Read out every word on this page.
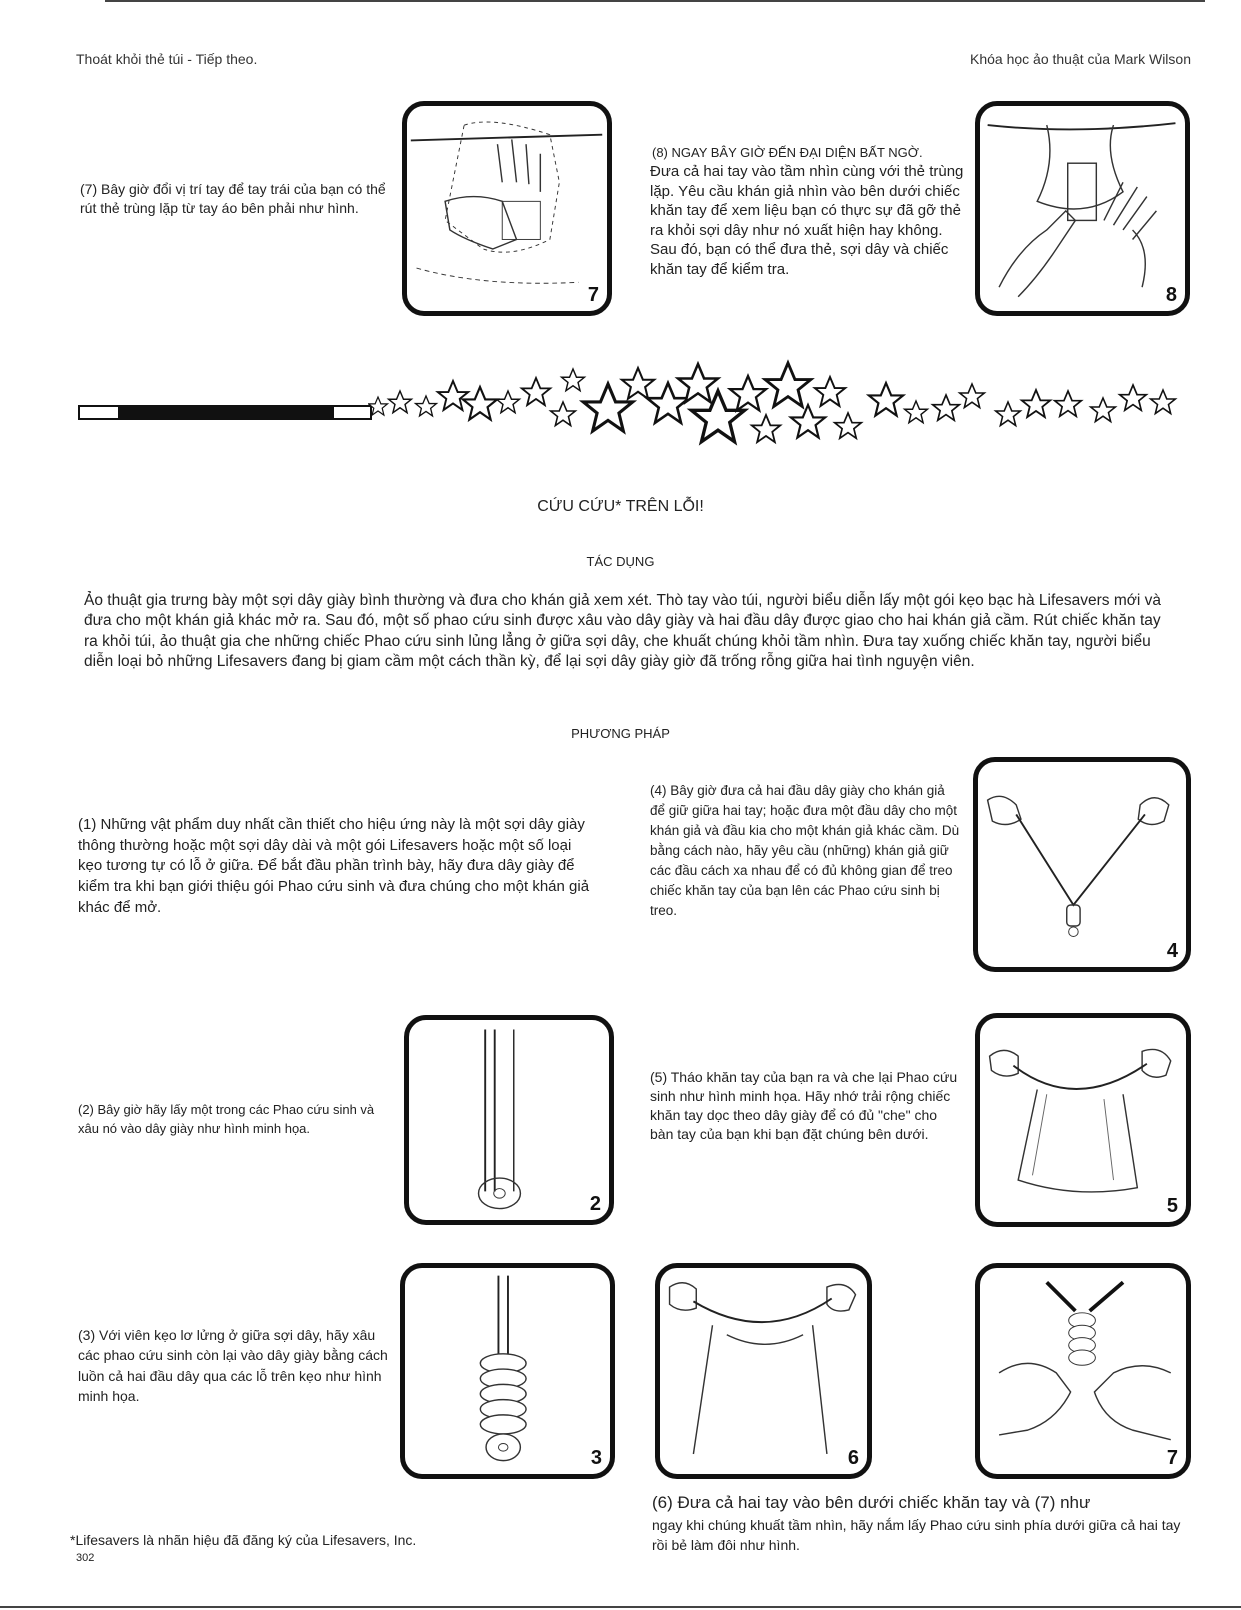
Thoát khỏi thẻ túi - Tiếp theo.	Khóa học ảo thuật của Mark Wilson
(7) Bây giờ đổi vị trí tay để tay trái của bạn có thể rút thẻ trùng lặp từ tay áo bên phải như hình.
7
(8) NGAY BÂY GIỜ ĐẾN ĐẠI DIỆN BẤT NGỜ.
Đưa cả hai tay vào tầm nhìn cùng với thẻ trùng lặp. Yêu cầu khán giả nhìn vào bên dưới chiếc khăn tay để xem liệu bạn có thực sự đã gỡ thẻ ra khỏi sợi dây như nó xuất hiện hay không. Sau đó, bạn có thể đưa thẻ, sợi dây và chiếc khăn tay để kiểm tra.
8
CỨU CỨU* TRÊN LỖI!
TÁC DỤNG
Ảo thuật gia trưng bày một sợi dây giày bình thường và đưa cho khán giả xem xét. Thò tay vào túi, người biểu diễn lấy một gói kẹo bạc hà Lifesavers mới và đưa cho một khán giả khác mở ra. Sau đó, một số phao cứu sinh được xâu vào dây giày và hai đầu dây được giao cho hai khán giả cầm. Rút chiếc khăn tay ra khỏi túi, ảo thuật gia che những chiếc Phao cứu sinh lủng lẳng ở giữa sợi dây, che khuất chúng khỏi tầm nhìn. Đưa tay xuống chiếc khăn tay, người biểu diễn loại bỏ những Lifesavers đang bị giam cầm một cách thần kỳ, để lại sợi dây giày giờ đã trống rỗng giữa hai tình nguyện viên.
PHƯƠNG PHÁP
(1) Những vật phẩm duy nhất cần thiết cho hiệu ứng này là một sợi dây giày thông thường hoặc một sợi dây dài và một gói Lifesavers hoặc một số loại kẹo tương tự có lỗ ở giữa. Để bắt đầu phần trình bày, hãy đưa dây giày để kiểm tra khi bạn giới thiệu gói Phao cứu sinh và đưa chúng cho một khán giả khác để mở.
(4) Bây giờ đưa cả hai đầu dây giày cho khán giả để giữ giữa hai tay; hoặc đưa một đầu dây cho một khán giả và đầu kia cho một khán giả khác cầm. Dù bằng cách nào, hãy yêu cầu (những) khán giả giữ các đầu cách xa nhau để có đủ không gian để treo chiếc khăn tay của bạn lên các Phao cứu sinh bị treo.
4
(2) Bây giờ hãy lấy một trong các Phao cứu sinh và xâu nó vào dây giày như hình minh họa.
2
(5) Tháo khăn tay của bạn ra và che lại Phao cứu sinh như hình minh họa. Hãy nhớ trải rộng chiếc khăn tay dọc theo dây giày để có đủ "che" cho bàn tay của bạn khi bạn đặt chúng bên dưới.
5
(3) Với viên kẹo lơ lửng ở giữa sợi dây, hãy xâu các phao cứu sinh còn lại vào dây giày bằng cách luồn cả hai đầu dây qua các lỗ trên kẹo như hình minh họa.
3	6	7
(6) Đưa cả hai tay vào bên dưới chiếc khăn tay và (7) như
ngay khi chúng khuất tầm nhìn, hãy nắm lấy Phao cứu sinh phía dưới giữa cả hai tay rồi bẻ làm đôi như hình.
*Lifesavers là nhãn hiệu đã đăng ký của Lifesavers, Inc.
302
